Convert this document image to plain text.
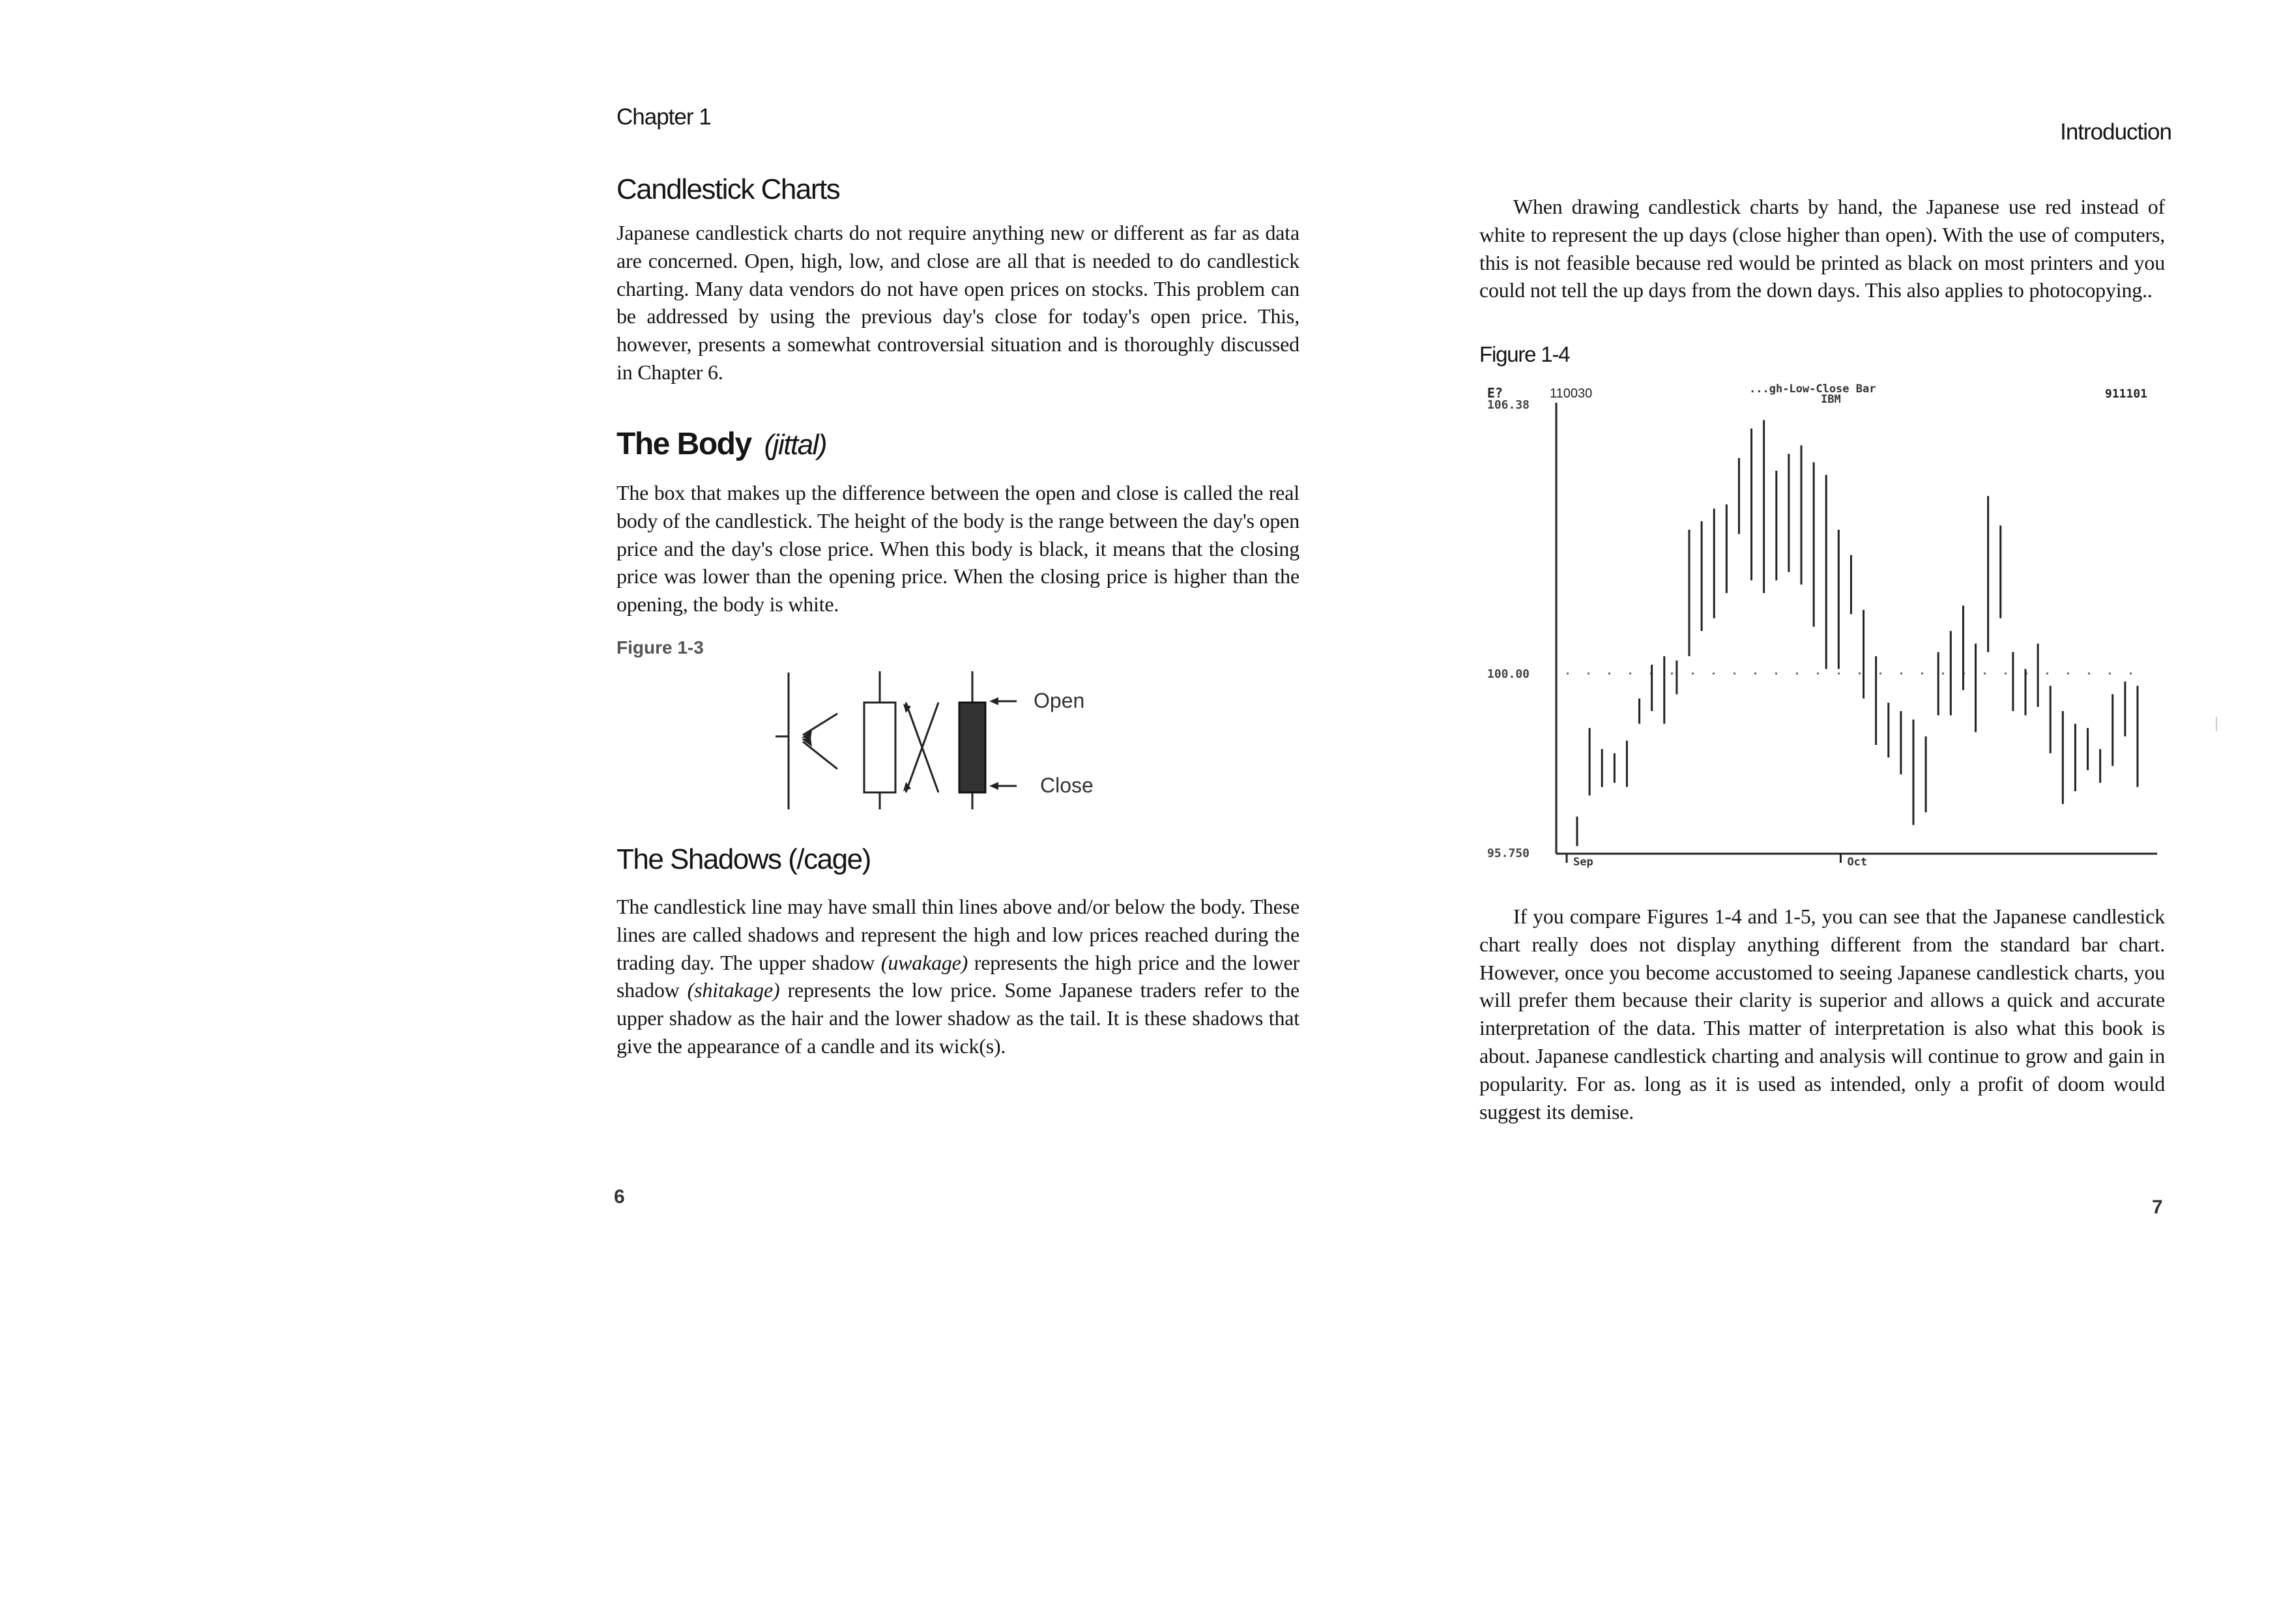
Chapter 1
Candlestick Charts

Japanese candlestick charts do not require anything new or different as far as data are concerned. Open, high, low, and close are all that is needed to do candlestick charting. Many data vendors do not have open prices on stocks. This problem can be addressed by using the previous day's close for today's open price. This, however, presents a somewhat controversial situation and is thoroughly discussed in Chapter 6.

The Body (jittal)

The box that makes up the difference between the open and close is called the real body of the candlestick. The height of the body is the range between the day's open price and the day's close price. When this body is black, it means that the closing price was lower than the opening price. When the closing price is higher than the opening, the body is white.

Figure 1-3
Open
Close
The Shadows (/cage)

The candlestick line may have small thin lines above and/or below the body. These lines are called shadows and represent the high and low prices reached during the trading day. The upper shadow (uwakage) represents the high price and the lower shadow (shitakage) represents the low price. Some Japanese traders refer to the upper shadow as the hair and the lower shadow as the tail. It is these shadows that give the appearance of a candle and its wick(s).

6
Introduction

When drawing candlestick charts by hand, the Japanese use red instead of white to represent the up days (close higher than open). With the use of computers, this is not feasible because red would be printed as black on most printers and you could not tell the up days from the down days. This also applies to photocopying..

Figure 1-4
E?	110030	...gh-Low-Close Bar
IBM	911101
106.38
100.00
95.750
Sep	Oct

If you compare Figures 1-4 and 1-5, you can see that the Japanese candlestick chart really does not display anything different from the standard bar chart. However, once you become accustomed to seeing Japanese candlestick charts, you will prefer them because their clarity is superior and allows a quick and accurate interpretation of the data. This matter of interpretation is also what this book is about. Japanese candlestick charting and analysis will continue to grow and gain in popularity. For as. long as it is used as intended, only a profit of doom would suggest its demise.

7
